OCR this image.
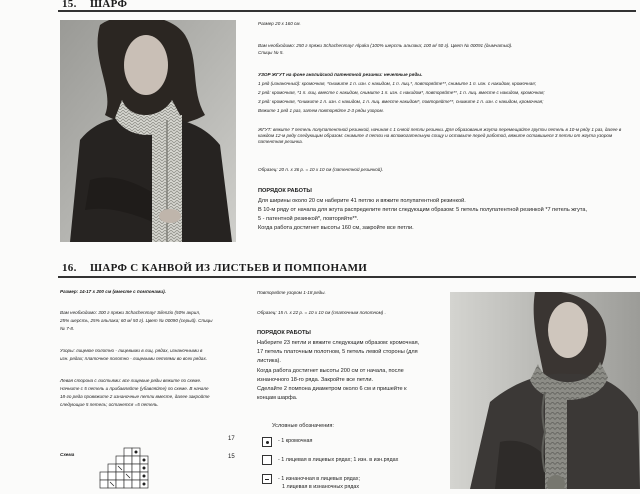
15. ШАРФ
Размер 20 х 160 см.
Вам необходимо: 250 г пряжи Schachenmayr Alpaka (100% шерсть альпака; 100 м/ 50 г). Цвет № 00091 (дымчатый).
Спицы № 5.
УЗОР ЖГУТ на фоне английской патентной резинки: нечетные ряды.
1 ряд (изнаночный): кромочная, *снимите 1 п. изн. с накидом, 1 п. лиц.*, повторяйте**, снимите 1 п. изн. с накидом, кромочная;
2 ряд: кромочная, *1 п. лиц. вместе с накидом, снимите 1 п. изн. с накидом*, повторяйте**, 1 п. лиц. вместе с накидом, кромочная;
3 ряд: кромочная, *снимите 1 п. изн. с накидом, 1 п. лиц. вместе накидом*, повторяйте**, снимите 1 п. изн. с накидом, кромочная;
Вяжите 1 ряд 1 раз, затем повторяйте 2-3 ряды узором.
ЖГУТ: вяжите 7 петель полупатентной резинкой, начиная с 1 сняой петли резинки. Для образования жгута перемещайте группы петель в 10-м ряду 1 раз, далее в каждом 12-м ряду следующим образом: снимите 4 петли на вспомогательную спицу и оставьте перед работой, вяжите оставшиеся 3 петли от жгута узором патентная резинка.
Образец: 20 п. х 36 р. = 10 х 10 см (патентной резинкой).
ПОРЯДОК РАБОТЫ
Для ширины около 20 см наберите 41 петлю и вяжите полупатентной резинкой.
В 10-м ряду от начала для жгута распределите петли следующим образом: 5 петель полупатентной резинкой *7 петель жгута,
5 - патентной резинкой*, повторяйте**.
Когда работа достигнет высоты 160 см, закройте все петли.
16. ШАРФ С КАНВОЙ ИЗ ЛИСТЬЕВ И ПОМПОНАМИ
Размер: 14-17 х 200 см (вместе с помпонами).
Вам необходимо: 300 г пряжи Schachenmayr Silenzio (50% акрил,
25% шерсть, 25% альпака; 60 м/ 50 г). Цвет № 00090 (серый). Спицы
№ 7-8.
Узоры: лицевое полотно - лицевыми в лиц. рядах, изнаночными в
изн. рядах; платочное полотно - лицевыми петлями во всех рядах.
Левая сторона с листьями: все лицевые ряды вяжите по схеме.
Начните с 5 петель и прибавляйте (убавляйте) по схеме. В начале
18-го ряда провяжите 2 изнаночные петли вместе, далее закройте
следующие 5 петель; останется =5 петель.
Схема
17
15
Повторяйте узором 1-18 ряды.
Образец: 15 п. х 22 р. = 10 х 10 см (платочным полотном) .
ПОРЯДОК РАБОТЫ
Наберите 23 петли и вяжите следующим образом: кромочная,
17 петель платочным полотном, 5 петель левой стороны (для
листика).
Когда работа достигнет высоты 200 см от начала, после
изнаночного 18-го ряда. Закройте все петли.
Сделайте 2 помпона диаметром около 6 см и пришейте к
концам шарфа.
Условные обозначения:
- 1 кромочная
- 1 лицевая в лицевых рядах; 1 изн. в изн.рядах
- 1 изнаночная в лицевых рядах;
1 лицевая в изнаночных рядах
